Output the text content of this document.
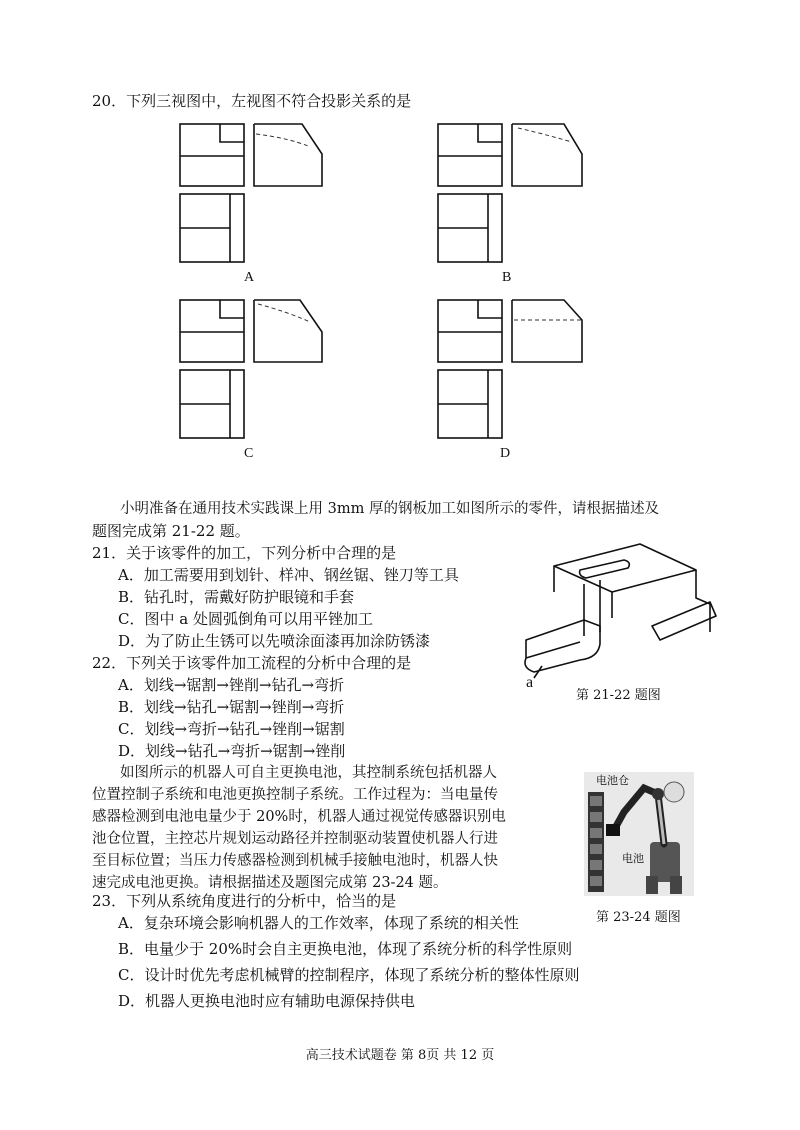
20．下列三视图中，左视图不符合投影关系的是
A	B
C	D
小明准备在通用技术实践课上用 3mm 厚的钢板加工如图所示的零件，请根据描述及
题图完成第 21-22 题。
21．关于该零件的加工，下列分析中合理的是
A．加工需要用到划针、样冲、钢丝锯、锉刀等工具
B．钻孔时，需戴好防护眼镜和手套
C．图中 a 处圆弧倒角可以用平锉加工
D．为了防止生锈可以先喷涂面漆再加涂防锈漆
22．下列关于该零件加工流程的分析中合理的是
A．划线→锯割→锉削→钻孔→弯折
B．划线→钻孔→锯割→锉削→弯折
C．划线→弯折→钻孔→锉削→锯割
D．划线→钻孔→弯折→锯割→锉削
a
第 21-22 题图
如图所示的机器人可自主更换电池，其控制系统包括机器人
位置控制子系统和电池更换控制子系统。工作过程为：当电量传
感器检测到电池电量少于 20%时，机器人通过视觉传感器识别电
池仓位置，主控芯片规划运动路径并控制驱动装置使机器人行进
至目标位置；当压力传感器检测到机械手接触电池时，机器人快
速完成电池更换。请根据描述及题图完成第 23-24 题。
电池仓
电池
第 23-24 题图
23．下列从系统角度进行的分析中，恰当的是
A．复杂环境会影响机器人的工作效率，体现了系统的相关性
B．电量少于 20%时会自主更换电池，体现了系统分析的科学性原则
C．设计时优先考虑机械臂的控制程序，体现了系统分析的整体性原则
D．机器人更换电池时应有辅助电源保持供电
高三技术试题卷 第 8页 共 12 页
